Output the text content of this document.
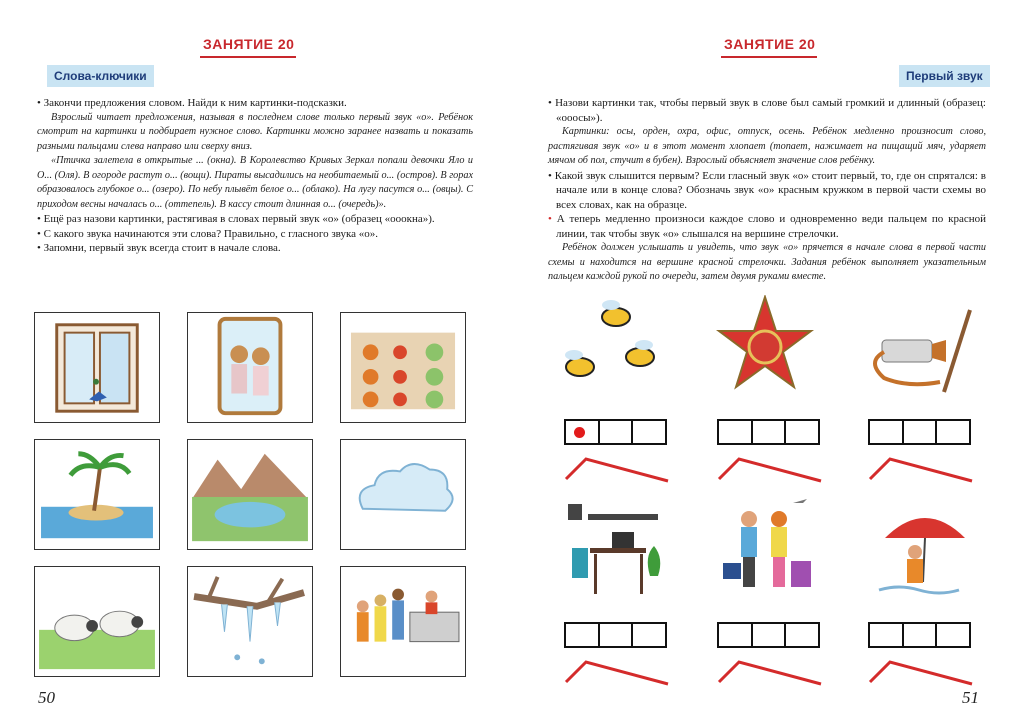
ЗАНЯТИЕ 20
Слова-ключики

• Закончи предложения словом. Найди к ним картинки-подсказки.

Взрослый читает предложения, называя в последнем слове только первый звук «о». Ребёнок смотрит на картинки и подбирает нужное слово. Картинки можно заранее назвать и показать разными пальцами слева направо или сверху вниз.

«Птичка залетела в открытые ... (окна). В Королевство Кривых Зеркал попали девочки Яло и О... (Оля). В огороде растут о... (вощи). Пираты высадились на необитаемый о... (остров). В горах образовалось глубокое о... (озеро). По небу плывёт белое о... (облако). На лугу пасутся о... (овцы). С приходом весны началась о... (оттепель). В кассу стоит длинная о... (очередь)».

• Ещё раз назови картинки, растягивая в словах первый звук «о» (образец «ооокна»).

• С какого звука начинаются эти слова? Правильно, с гласного звука «о».

• Запомни, первый звук всегда стоит в начале слова.

50
ЗАНЯТИЕ 20
Первый звук

• Назови картинки так, чтобы первый звук в слове был самый громкий и длинный (образец: «ооосы»).

Картинки: осы, орден, охра, офис, отпуск, осень. Ребёнок медленно произносит слово, растягивая звук «о» и в этот момент хлопает (топает, нажимает на пищащий мяч, ударяет мячом об пол, стучит в бубен). Взрослый объясняет значение слов ребёнку.

• Какой звук слышится первым? Если гласный звук «о» стоит первый, то, где он спрятался: в начале или в конце слова? Обозначь звук «о» красным кружком в первой части схемы во всех словах, как на образце.

• А теперь медленно произноси каждое слово и одновременно веди пальцем по красной линии, так чтобы звук «о» слышался на вершине стрелочки.

Ребёнок должен услышать и увидеть, что звук «о» прячется в начале слова в первой части схемы и находится на вершине красной стрелочки. Задания ребёнок выполняет указательным пальцем каждой рукой по очереди, затем двумя руками вместе.

51
